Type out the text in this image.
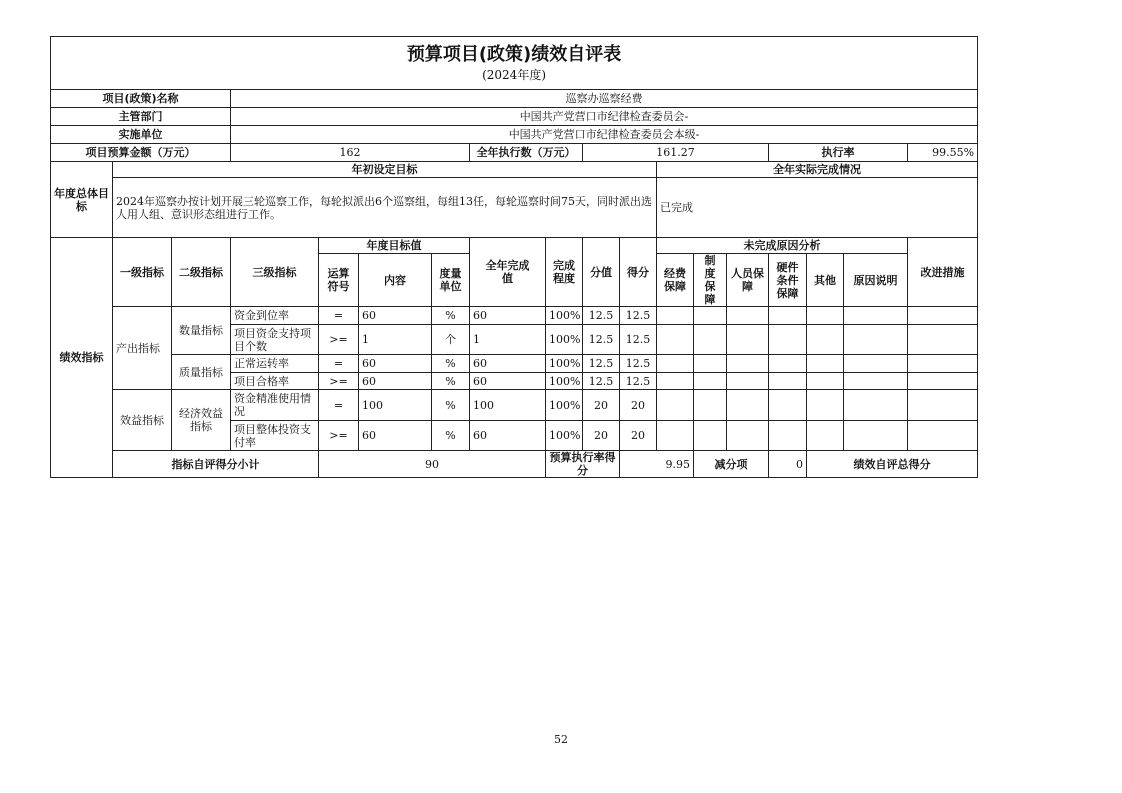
预算项目(政策)绩效自评表
(2024年度)																		

项目(政策)名称			巡察办巡察经费															
主管部门			中国共产党营口市纪律检查委员会-															
实施单位			中国共产党营口市纪律检查委员会本级-															
项目预算金额（万元）			162				全年执行数（万元）		161.27					执行率			99.55%	
年度总体目标	年初设定目标										全年实际完成情况							
	2024年巡察办按计划开展三轮巡察工作，每轮拟派出6个巡察组，每组13任，每轮巡察时间75天，同时派出选人用人组、意识形态组进行工作。										已完成							
绩效指标	一级指标	二级指标	三级指标	年度目标值			全年完成值	完成程度	分值	得分	未完成原因分析						改进措施	
				运算符号	内容	度量单位					经费保障	制度保障	人员保障	硬件条件保障	其他	原因说明		
	产出指标	数量指标	资金到位率	=	60	%	60	100%	12.5	12.5								
			项目资金支持项目个数	>=	1	个	1	100%	12.5	12.5								
		质量指标	正常运转率	=	60	%	60	100%	12.5	12.5								
			项目合格率	>=	60	%	60	100%	12.5	12.5								
	效益指标	经济效益指标	资金精准使用情况	=	100	%	100	100%	20	20								
			项目整体投资支付率	>=	60	%	60	100%	20	20								
	指标自评得分小计			90				预算执行率得分		9.95		减分项		0	绩效自评总得分	
52
